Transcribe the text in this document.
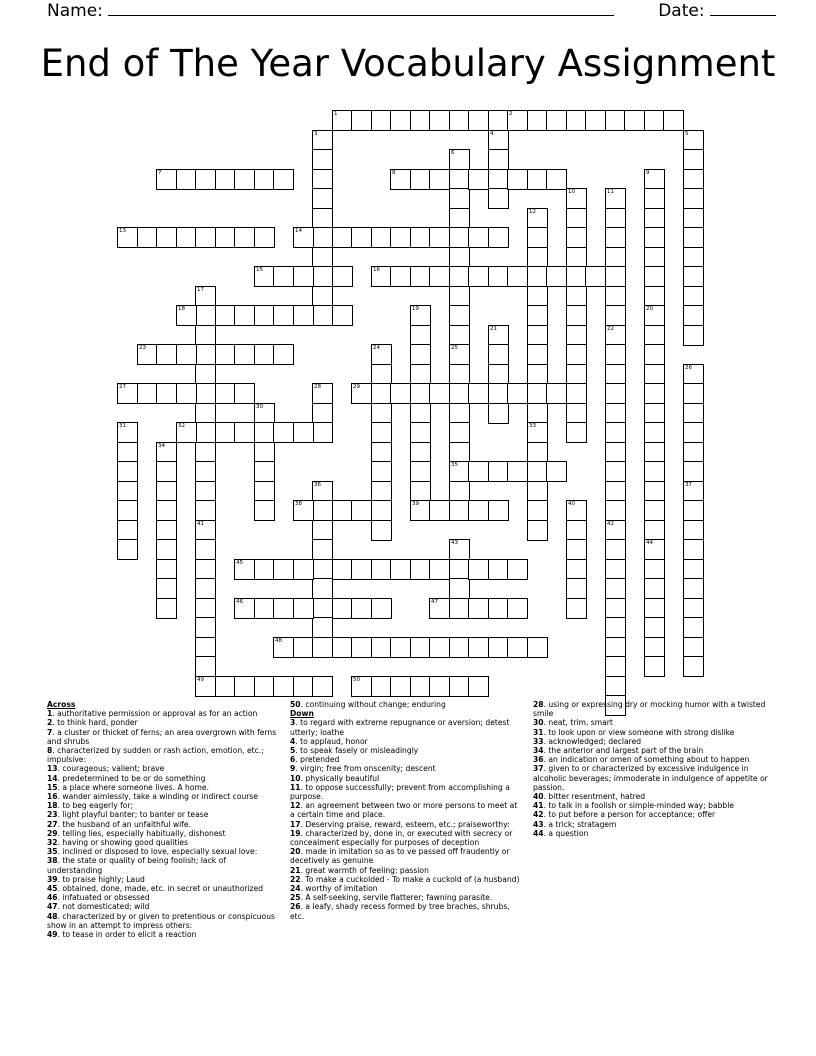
Name:	Date:
End of The Year Vocabulary Assignment
1	2
3	4	5
6
7	8	9
20
10	11
22
12
33
13	14
15	16
17
18	19
39
44
21
42
23	24	25
35
26
27	28	29
30
31	32
34
36	37
38	40
41
43
45
46	47
48
49	50
Across
1. authoritative permission or approval as for an action
2. to think hard, ponder
7. a cluster or thicket of ferns; an area overgrown with ferns and shrubs
8. characterized by sudden or rash action, emotion, etc.; impulsive:
13. courageous; valient; brave
14. predetermined to be or do something
15. a place where someone lives. A home.
16. wander aimlessly, take a winding or indirect course
18. to beg eagerly for;
23. light playful banter; to banter or tease
27. the husband of an unfaithful wife.
29. telling lies, especially habitually, dishonest
32. having or showing good qualities
35. inclined or disposed to love, especially sexual love:
38. the state or quality of being foolish; lack of understanding
39. to praise highly; Laud
45. obtained, done, made, etc. in secret or unauthorized
46. infatuated or obsessed
47. not domesticated; wild
48. characterized by or given to pretentious or conspicuous show in an attempt to impress others:
49. to tease in order to elicit a reaction
50. continuing without change; enduring
Down
3. to regard with extreme repugnance or aversion; detest utterly; loathe
4. to applaud, honor
5. to speak fasely or misleadingly
6. pretended
9. virgin; free from onscenity; descent
10. physically beautiful
11. to oppose successfully; prevent from accomplishing a purpose.
12. an agreement between two or more persons to meet at a certain time and place.
17. Deserving praise, reward, esteem, etc.; praiseworthy:
19. characterized by, done in, or executed with secrecy or concealment especially for purposes of deception
20. made in imitation so as to ve passed off fraudently or decetively as genuine
21. great warmth of feeling; passion
22. To make a cuckolded - To make a cuckold of (a husband)
24. worthy of imitation
25. A self-seeking, servile flatterer; fawning parasite.
26. a leafy, shady recess formed by tree braches, shrubs, etc.
28. using or expressing dry or mocking humor with a twisted smile
30. neat, trim, smart
31. to look upon or view someone with strong dislike
33. acknowledged; declared
34. the anterior and largest part of the brain
36. an indication or omen of something about to happen
37. given to or characterized by excessive indulgence in alcoholic beverages; immoderate in indulgence of appetite or passion.
40. bitter resentment, hatred
41. to talk in a foolish or simple-minded way; babble
42. to put before a person for acceptance; offer
43. a trick; stratagem
44. a question
